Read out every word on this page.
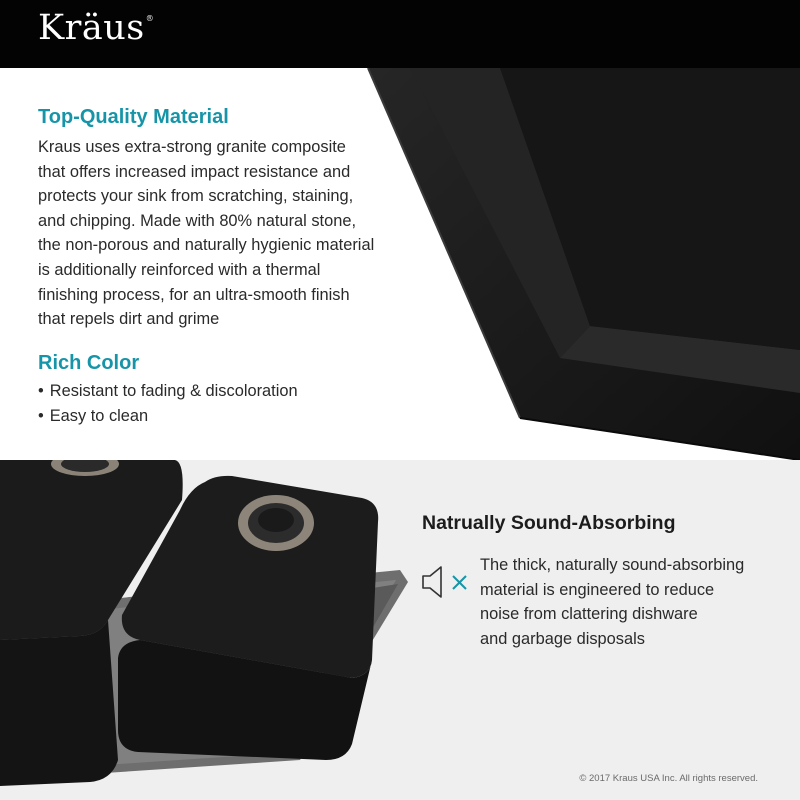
Kräus®
Top-Quality Material

Kraus uses extra-strong granite composite
that offers increased impact resistance and
protects your sink from scratching, staining,
and chipping. Made with 80% natural stone,
the non-porous and naturally hygienic material
is additionally reinforced with a thermal
finishing process, for an ultra-smooth finish
that repels dirt and grime

Rich Color
• Resistant to fading & discoloration
• Easy to clean
Natrually Sound-Absorbing

The thick, naturally sound-absorbing
material is engineered to reduce
noise from clattering dishware
and garbage disposals

© 2017 Kraus USA Inc. All rights reserved.
